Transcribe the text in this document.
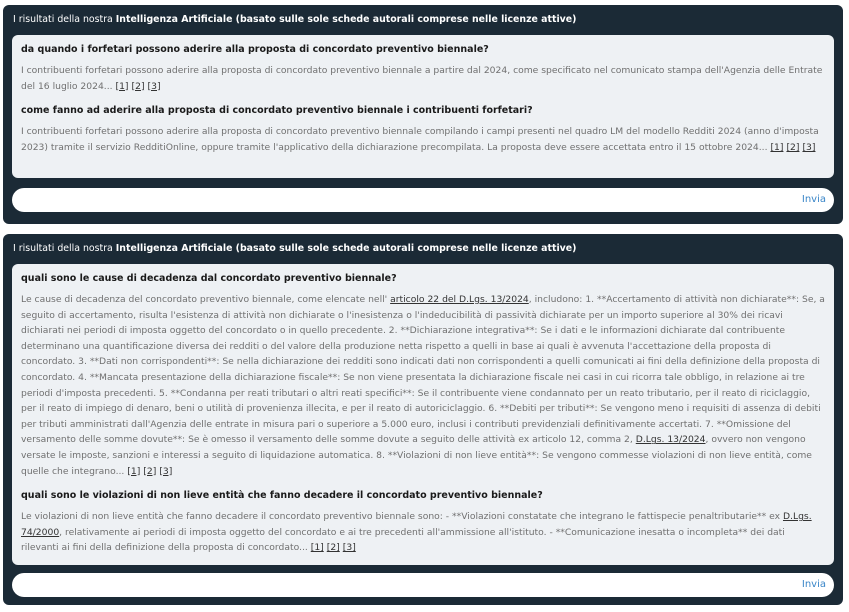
I risultati della nostra Intelligenza Artificiale (basato sulle sole schede autorali comprese nelle licenze attive)
da quando i forfetari possono aderire alla proposta di concordato preventivo biennale?
I contribuenti forfetari possono aderire alla proposta di concordato preventivo biennale a partire dal 2024, come specificato nel comunicato stampa dell'Agenzia delle Entrate del 16 luglio 2024... [1] [2] [3]
come fanno ad aderire alla proposta di concordato preventivo biennale i contribuenti forfetari?
I contribuenti forfetari possono aderire alla proposta di concordato preventivo biennale compilando i campi presenti nel quadro LM del modello Redditi 2024 (anno d'imposta 2023) tramite il servizio RedditiOnline, oppure tramite l'applicativo della dichiarazione precompilata. La proposta deve essere accettata entro il 15 ottobre 2024... [1] [2] [3]
Invia
I risultati della nostra Intelligenza Artificiale (basato sulle sole schede autorali comprese nelle licenze attive)
quali sono le cause di decadenza dal concordato preventivo biennale?
Le cause di decadenza del concordato preventivo biennale, come elencate nell' articolo 22 del D.Lgs. 13/2024, includono: 1. **Accertamento di attività non dichiarate**: Se, a seguito di accertamento, risulta l'esistenza di attività non dichiarate o l'inesistenza o l'indeducibilità di passività dichiarate per un importo superiore al 30% dei ricavi dichiarati nei periodi di imposta oggetto del concordato o in quello precedente. 2. **Dichiarazione integrativa**: Se i dati e le informazioni dichiarate dal contribuente determinano una quantificazione diversa dei redditi o del valore della produzione netta rispetto a quelli in base ai quali è avvenuta l'accettazione della proposta di concordato. 3. **Dati non corrispondenti**: Se nella dichiarazione dei redditi sono indicati dati non corrispondenti a quelli comunicati ai fini della definizione della proposta di concordato. 4. **Mancata presentazione della dichiarazione fiscale**: Se non viene presentata la dichiarazione fiscale nei casi in cui ricorra tale obbligo, in relazione ai tre periodi d'imposta precedenti. 5. **Condanna per reati tributari o altri reati specifici**: Se il contribuente viene condannato per un reato tributario, per il reato di riciclaggio, per il reato di impiego di denaro, beni o utilità di provenienza illecita, e per il reato di autoriciclaggio. 6. **Debiti per tributi**: Se vengono meno i requisiti di assenza di debiti per tributi amministrati dall'Agenzia delle entrate in misura pari o superiore a 5.000 euro, inclusi i contributi previdenziali definitivamente accertati. 7. **Omissione del versamento delle somme dovute**: Se è omesso il versamento delle somme dovute a seguito delle attività ex articolo 12, comma 2, D.Lgs. 13/2024, ovvero non vengono versate le imposte, sanzioni e interessi a seguito di liquidazione automatica. 8. **Violazioni di non lieve entità**: Se vengono commesse violazioni di non lieve entità, come quelle che integrano... [1] [2] [3]
quali sono le violazioni di non lieve entità che fanno decadere il concordato preventivo biennale?
Le violazioni di non lieve entità che fanno decadere il concordato preventivo biennale sono: - **Violazioni constatate che integrano le fattispecie penaltributarie** ex D.Lgs. 74/2000, relativamente ai periodi di imposta oggetto del concordato e ai tre precedenti all'ammissione all'istituto. - **Comunicazione inesatta o incompleta** dei dati rilevanti ai fini della definizione della proposta di concordato... [1] [2] [3]
Invia
